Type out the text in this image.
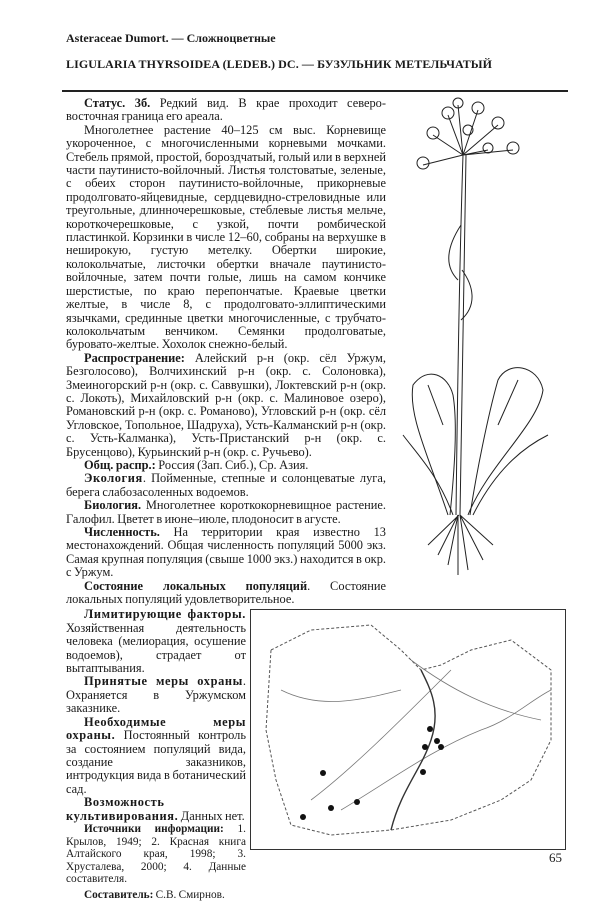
Asteraceae Dumort. — Сложноцветные
LIGULARIA THYRSOIDEA (LEDEB.) DC. — БУЗУЛЬНИК МЕТЕЛЬЧАТЫЙ

Статус. 3б. Редкий вид. В крае проходит северо-восточная граница его ареала.

Многолетнее растение 40–125 см выс. Корневище укороченное, с многочисленными корневыми мочками. Стебель прямой, простой, бороздчатый, голый или в верхней части паутинисто-войлочный. Листья толстоватые, зеленые, с обеих сторон паутинисто-войлочные, прикорневые продолговато-яйцевидные, сердцевидно-стреловидные или треугольные, длинночерешковые, стеблевые листья мельче, короткочерешковые, с узкой, почти ромбической пластинкой. Корзинки в числе 12–60, собраны на верхушке в неширокую, густую метелку. Обертки широкие, колокольчатые, листочки обертки вначале паутинисто-войлочные, затем почти голые, лишь на самом кончике шерстистые, по краю перепончатые. Краевые цветки желтые, в числе 8, с продолговато-эллиптическими язычками, срединные цветки многочисленные, с трубчато-колокольчатым венчиком. Семянки продолговатые, буровато-желтые. Хохолок снежно-белый.

Распространение: Алейский р-н (окр. сёл Уржум, Безголосово), Волчихинский р-н (окр. с. Солоновка), Змеиногорский р-н (окр. с. Саввушки), Локтевский р-н (окр. с. Локоть), Михайловский р-н (окр. с. Малиновое озеро), Романовский р-н (окр. с. Романово), Угловский р-н (окр. сёл Угловское, Топольное, Шадруха), Усть-Калманский р-н (окр. с. Усть-Калманка), Усть-Пристанский р-н (окр. с. Брусенцово), Курьинский р-н (окр. с. Ручьево).

Общ. распр.: Россия (Зап. Сиб.), Ср. Азия.

Экология. Пойменные, степные и солонцеватые луга, берега слабозасоленных водоемов.

Биология. Многолетнее короткокорневищное растение. Галофил. Цветет в июне–июле, плодоносит в агусте.

Численность. На территории края известно 13 местонахождений. Общая численность популяций 5000 экз. Самая крупная популяция (свыше 1000 экз.) находится в окр. с Уржум.

Состояние локальных популяций. Состояние локальных популяций удовлетворительное.

Лимитирующие факторы. Хозяйственная деятельность человека (мелиорация, осушение водоемов), страдает от вытаптывания.

Принятые меры охраны. Охраняется в Уржумском заказнике.

Необходимые меры охраны. Постоянный контроль за состоянием популяций вида, создание заказников, интродукция вида в ботанический сад.

Возможность культивирования. Данных нет.

Источники информации: 1. Крылов, 1949; 2. Красная книга Алтайского края, 1998; 3. Хрусталева, 2000; 4. Данные составителя.

Составитель: С.В. Смирнов.

65
